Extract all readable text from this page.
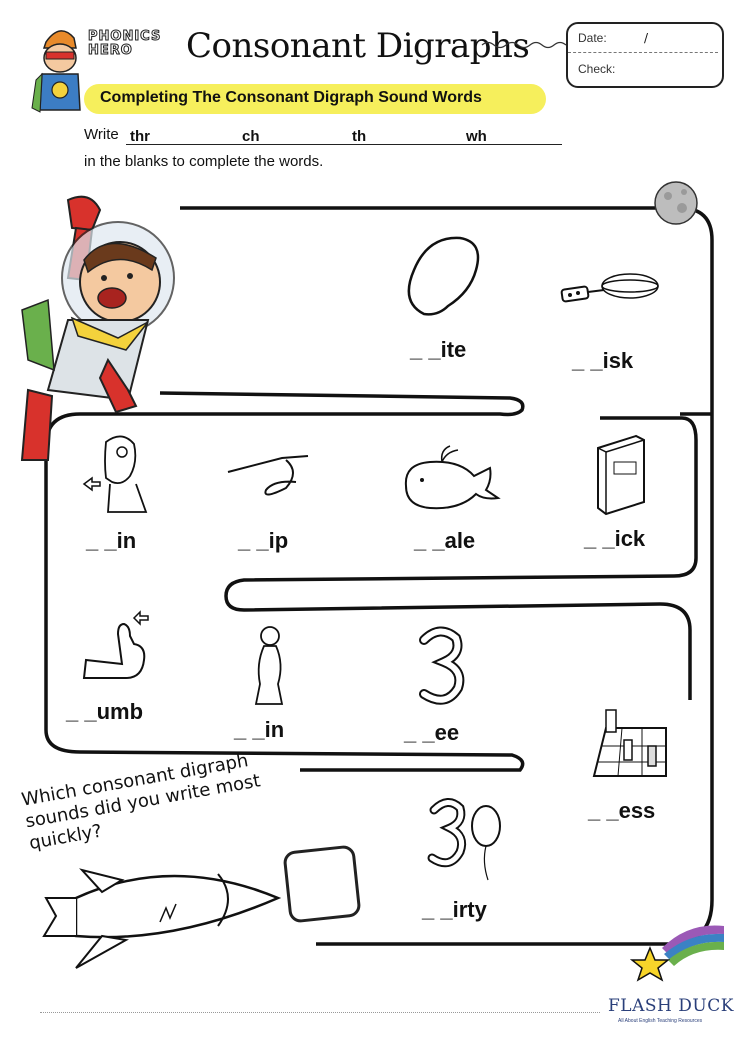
PHONICS HERO	Consonant Digraphs	Date:	/
Check:
Completing The Consonant Digraph Sound Words
Write thr	ch	th	wh
in the blanks to complete the words.
_ _ite	_ _isk
_ _in	_ _ip	_ _ale	_ _ick
_ _umb
_ _in	_ _ee
_ _ess
_ _irty
Which consonant digraph sounds did you write most quickly?
FLASH DUCK
All About English Teaching Resources
